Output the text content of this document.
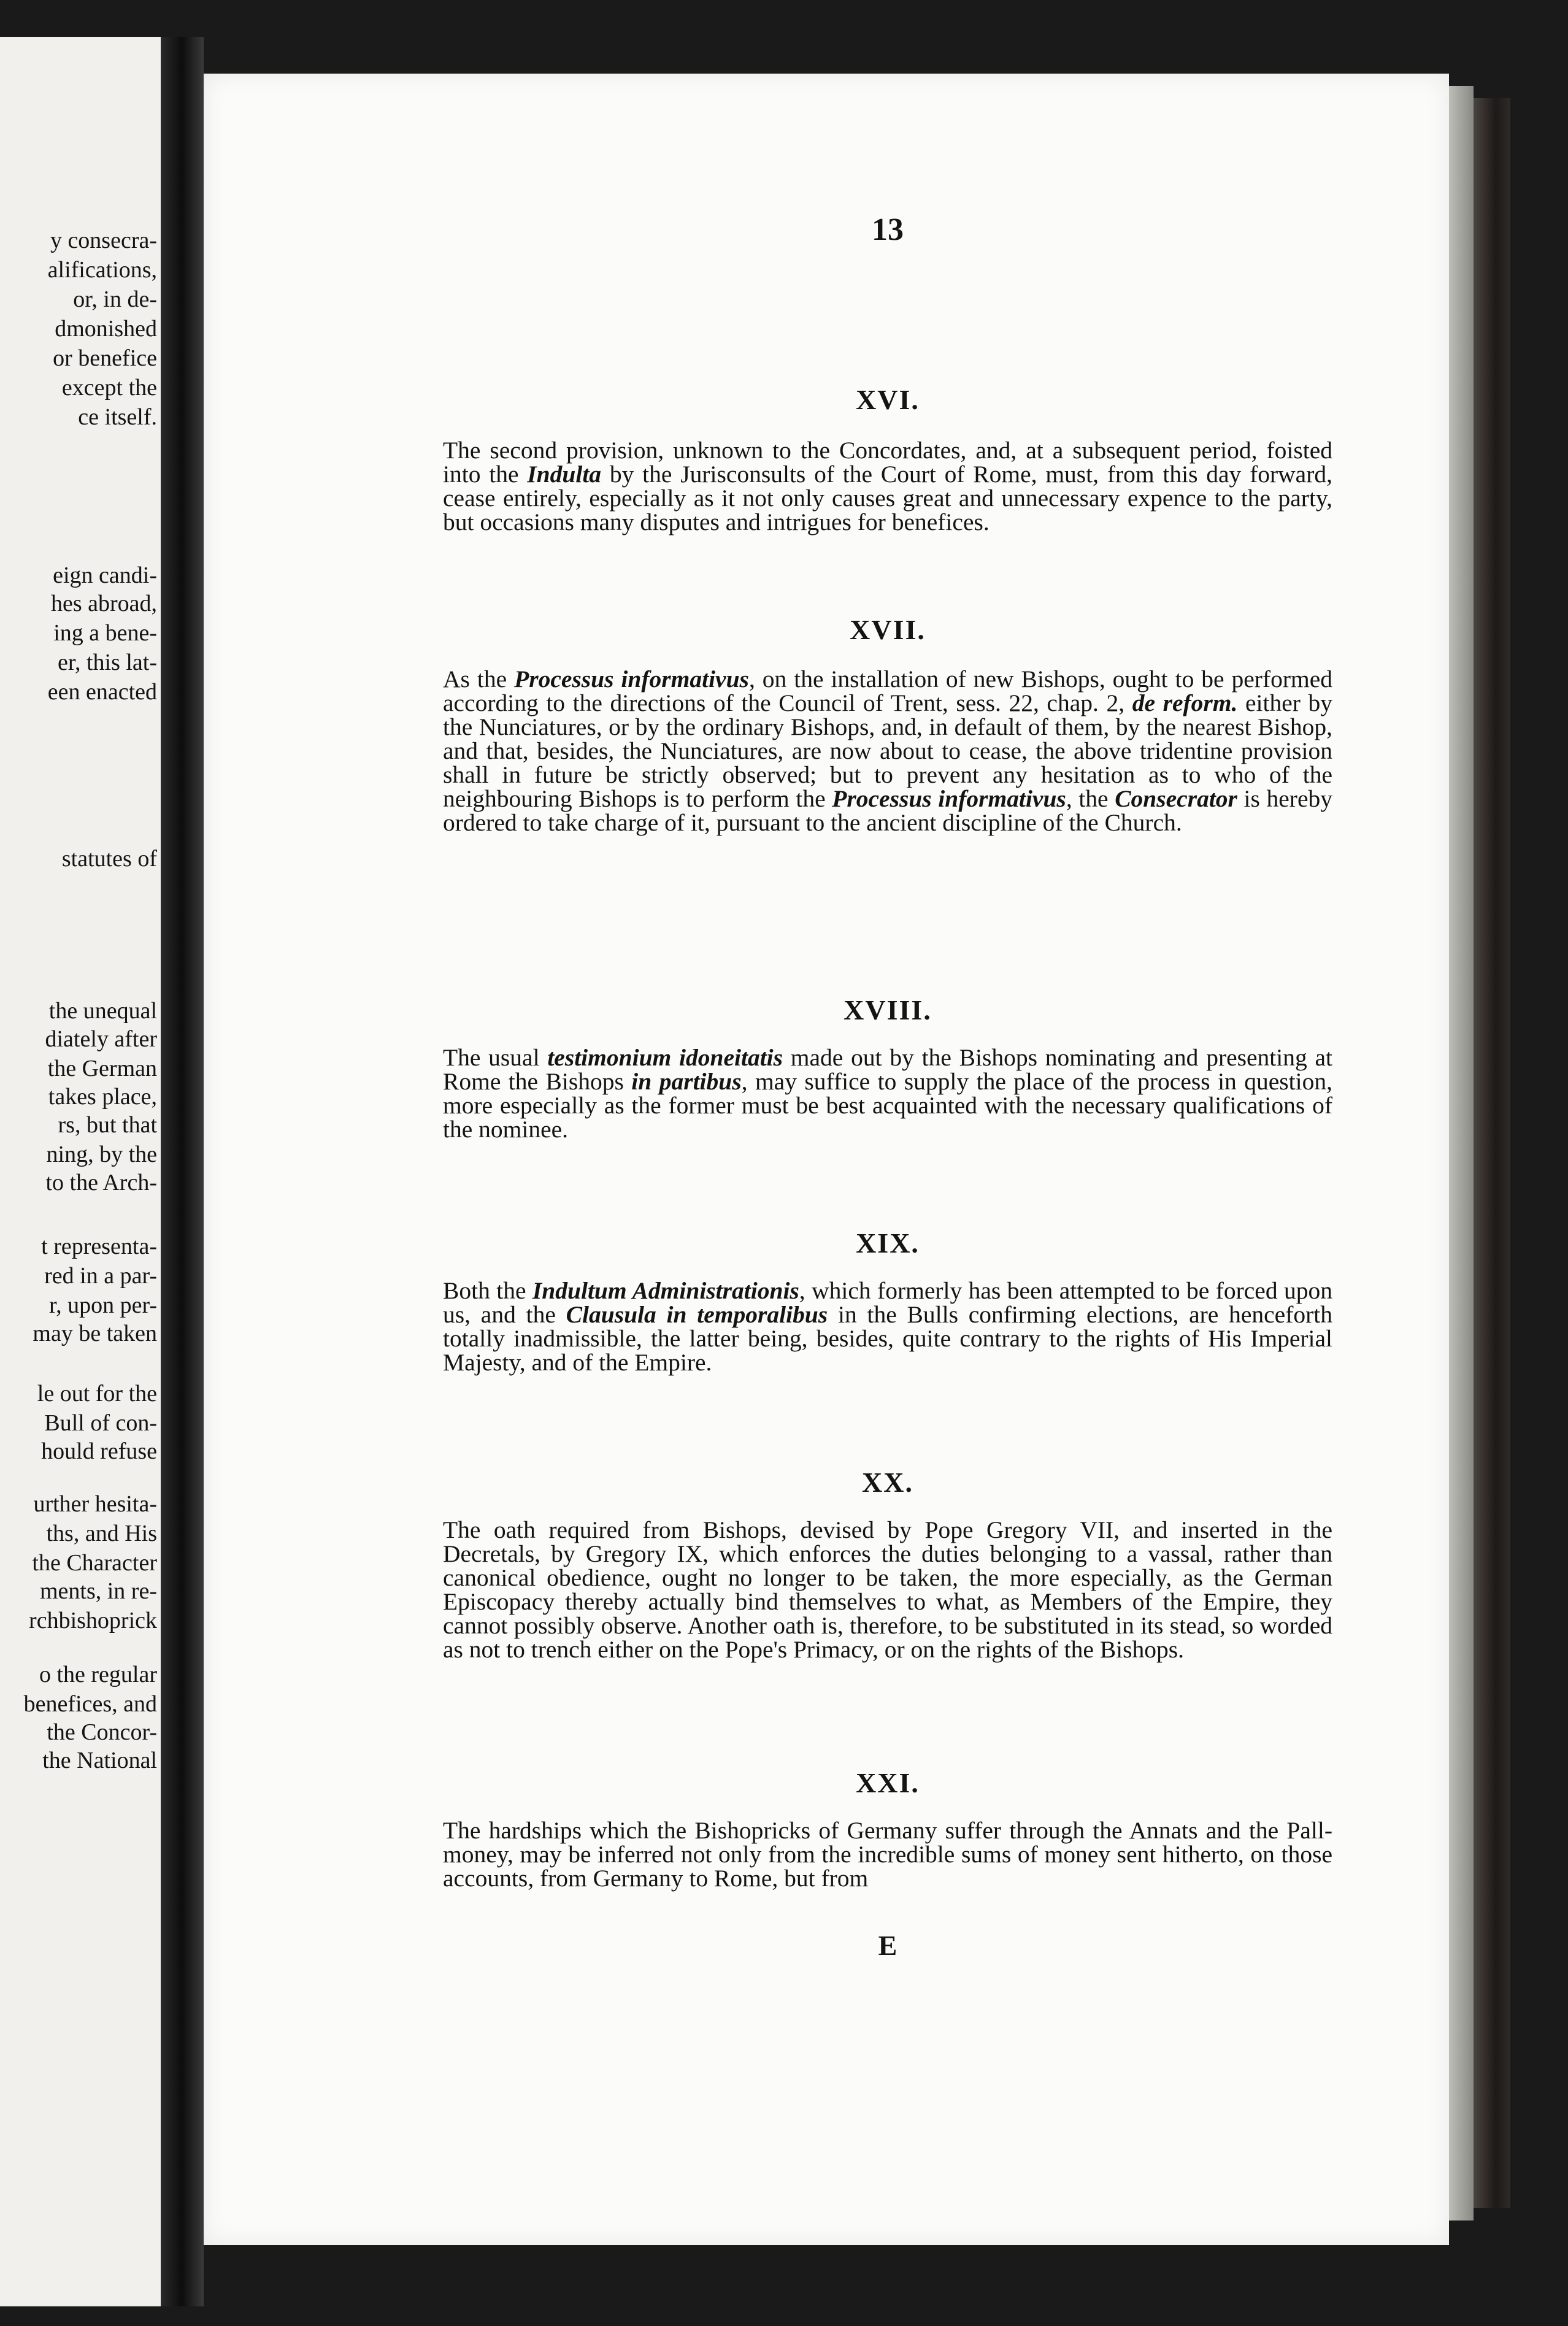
y consecra-
alifications,
or, in de-
dmonished
or benefice
except the
ce itself.
eign candi-
hes abroad,
ing a bene-
er, this lat-
een enacted
statutes of
the unequal
diately after
the German
takes place,
rs, but that
ning, by the
to the Arch-
t representa-
red in a par-
r, upon per-
may be taken
le out for the
Bull of con-
hould refuse
urther hesita-
ths, and His
the Character
ments, in re-
rchbishoprick
o the regular
benefices, and
the Concor-
the National
13
XVI.

The second provision, unknown to the Concordates, and, at a subsequent period, foisted into the Indulta by the Jurisconsults of the Court of Rome, must, from this day forward, cease entirely, especially as it not only causes great and unnecessary expence to the party, but occasions many disputes and intrigues for benefices.

XVII.

As the Processus informativus, on the installation of new Bishops, ought to be performed according to the directions of the Council of Trent, sess. 22, chap. 2, de reform. either by the Nunciatures, or by the ordinary Bishops, and, in default of them, by the nearest Bishop, and that, besides, the Nunciatures, are now about to cease, the above tridentine provision shall in future be strictly observed; but to prevent any hesitation as to who of the neighbouring Bishops is to perform the Processus informativus, the Consecrator is hereby ordered to take charge of it, pursuant to the ancient discipline of the Church.

XVIII.

The usual testimonium idoneitatis made out by the Bishops nominating and presenting at Rome the Bishops in partibus, may suffice to supply the place of the process in question, more especially as the former must be best acquainted with the necessary qualifications of the nominee.

XIX.

Both the Indultum Administrationis, which formerly has been attempted to be forced upon us, and the Clausula in temporalibus in the Bulls confirming elections, are henceforth totally inadmissible, the latter being, besides, quite contrary to the rights of His Imperial Majesty, and of the Empire.

XX.

The oath required from Bishops, devised by Pope Gregory VII, and inserted in the Decretals, by Gregory IX, which enforces the duties belonging to a vassal, rather than canonical obedience, ought no longer to be taken, the more especially, as the German Episcopacy thereby actually bind themselves to what, as Members of the Empire, they cannot possibly observe. Another oath is, therefore, to be substituted in its stead, so worded as not to trench either on the Pope's Primacy, or on the rights of the Bishops.

XXI.

The hardships which the Bishopricks of Germany suffer through the Annats and the Pall-money, may be inferred not only from the incredible sums of money sent hitherto, on those accounts, from Germany to Rome, but from

E
